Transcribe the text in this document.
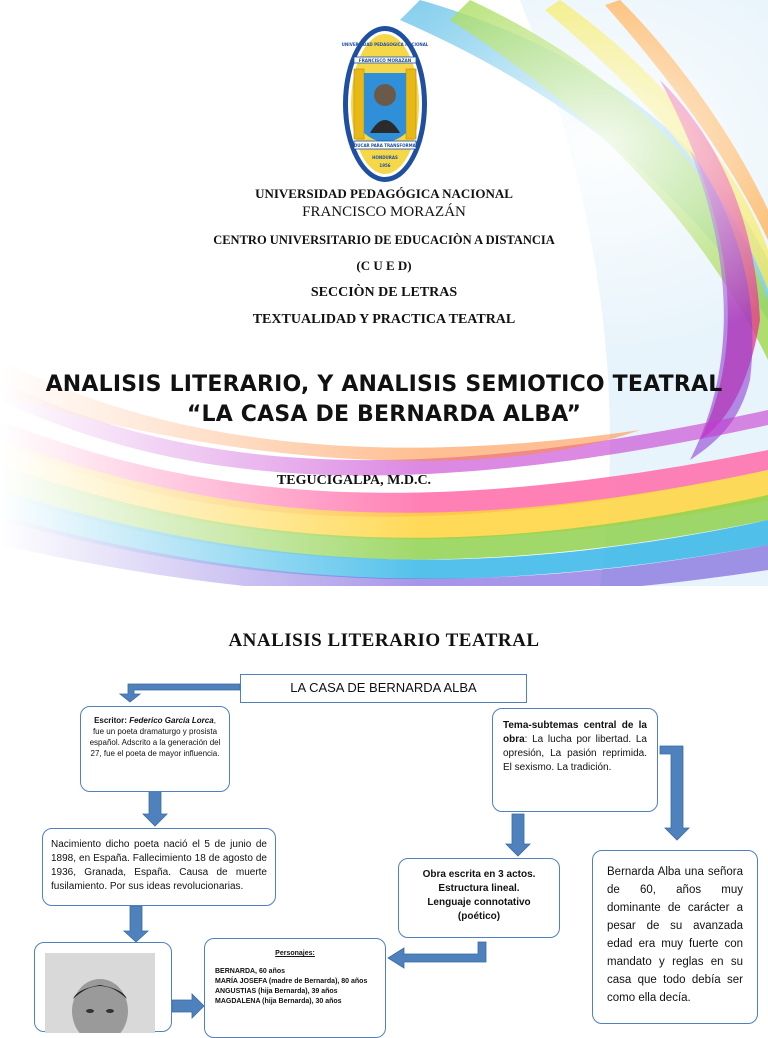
UNIVERSIDAD PEDAGOGICA NACIONAL
FRANCISCO MORAZAN
EDUCAR PARA TRANSFORMAR
HONDURAS
1956
UNIVERSIDAD PEDAGÓGICA NACIONAL
FRANCISCO MORAZÁN
CENTRO UNIVERSITARIO DE EDUCACIÒN A DISTANCIA
(C U E D)
SECCIÒN DE LETRAS
TEXTUALIDAD Y PRACTICA TEATRAL
ANALISIS LITERARIO, Y ANALISIS SEMIOTICO TEATRAL
“LA CASA DE BERNARDA ALBA”
TEGUCIGALPA, M.D.C.
ANALISIS LITERARIO TEATRAL
LA CASA DE BERNARDA ALBA
Escritor: Federico García Lorca, fue un poeta dramaturgo y prosista español. Adscrito a la generación del 27, fue el poeta de mayor influencia.
Tema-subtemas central de la obra: La lucha por libertad. La opresión, La pasión reprimida. El sexismo. La tradición.
Nacimiento dicho poeta nació el 5 de junio de 1898, en España. Fallecimiento 18 de agosto de 1936, Granada, España. Causa de muerte fusilamiento. Por sus ideas revolucionarias.
Obra escrita en 3 actos.
Estructura lineal.
Lenguaje connotativo
(poético)
Bernarda Alba una señora de 60, años muy dominante de carácter a pesar de su avanzada edad era muy fuerte con mandato y reglas en su casa que todo debía ser como ella decía.
Personajes:
BERNARDA, 60 años
MARÍA JOSEFA (madre de Bernarda), 80 años
ANGUSTIAS (hija Bernarda), 39 años
MAGDALENA (hija Bernarda), 30 años
